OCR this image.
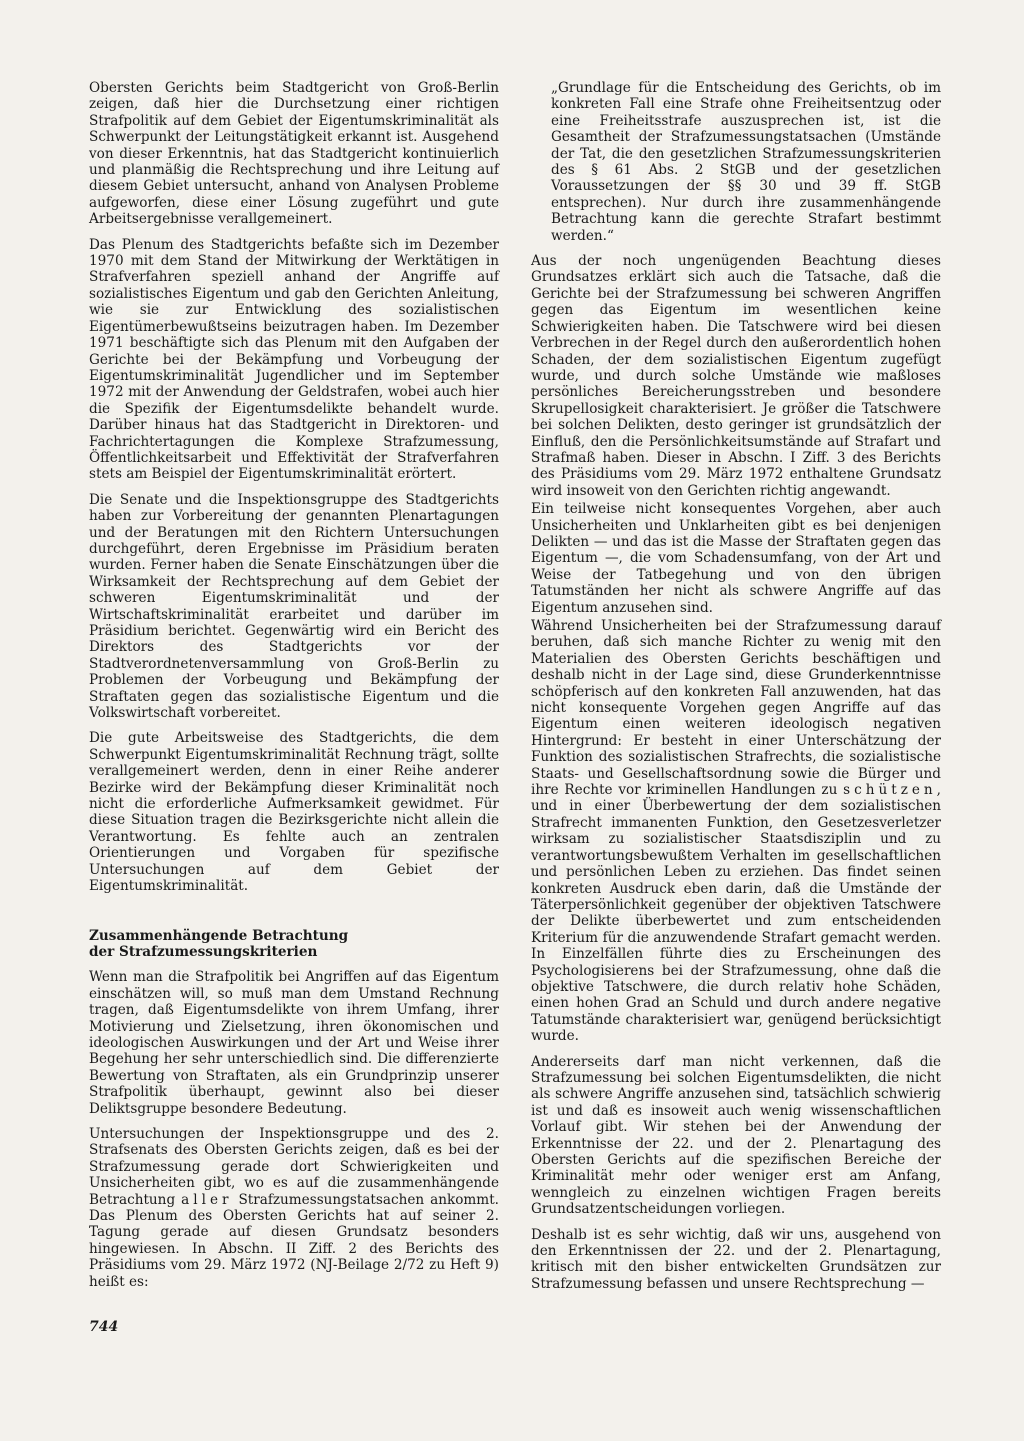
Obersten Gerichts beim Stadtgericht von Groß-Berlin zeigen, daß hier die Durchsetzung einer richtigen Strafpolitik auf dem Gebiet der Eigentumskriminalität als Schwerpunkt der Leitungstätigkeit erkannt ist. Ausgehend von dieser Erkenntnis, hat das Stadtgericht kontinuierlich und planmäßig die Rechtsprechung und ihre Leitung auf diesem Gebiet untersucht, anhand von Analysen Probleme aufgeworfen, diese einer Lösung zugeführt und gute Arbeitsergebnisse verallgemeinert.

Das Plenum des Stadtgerichts befaßte sich im Dezember 1970 mit dem Stand der Mitwirkung der Werktätigen in Strafverfahren speziell anhand der Angriffe auf sozialistisches Eigentum und gab den Gerichten Anleitung, wie sie zur Entwicklung des sozialistischen Eigentümerbewußtseins beizutragen haben. Im Dezember 1971 beschäftigte sich das Plenum mit den Aufgaben der Gerichte bei der Bekämpfung und Vorbeugung der Eigentumskriminalität Jugendlicher und im September 1972 mit der Anwendung der Geldstrafen, wobei auch hier die Spezifik der Eigentumsdelikte behandelt wurde. Darüber hinaus hat das Stadtgericht in Direktoren- und Fachrichtertagungen die Komplexe Strafzumessung, Öffentlichkeitsarbeit und Effektivität der Strafverfahren stets am Beispiel der Eigentumskriminalität erörtert.

Die Senate und die Inspektionsgruppe des Stadtgerichts haben zur Vorbereitung der genannten Plenartagungen und der Beratungen mit den Richtern Untersuchungen durchgeführt, deren Ergebnisse im Präsidium beraten wurden. Ferner haben die Senate Einschätzungen über die Wirksamkeit der Rechtsprechung auf dem Gebiet der schweren Eigentumskriminalität und der Wirtschaftskriminalität erarbeitet und darüber im Präsidium berichtet. Gegenwärtig wird ein Bericht des Direktors des Stadtgerichts vor der Stadtverordnetenversammlung von Groß-Berlin zu Problemen der Vorbeugung und Bekämpfung der Straftaten gegen das sozialistische Eigentum und die Volkswirtschaft vorbereitet.

Die gute Arbeitsweise des Stadtgerichts, die dem Schwerpunkt Eigentumskriminalität Rechnung trägt, sollte verallgemeinert werden, denn in einer Reihe anderer Bezirke wird der Bekämpfung dieser Kriminalität noch nicht die erforderliche Aufmerksamkeit gewidmet. Für diese Situation tragen die Bezirksgerichte nicht allein die Verantwortung. Es fehlte auch an zentralen Orientierungen und Vorgaben für spezifische Untersuchungen auf dem Gebiet der Eigentumskriminalität.

Zusammenhängende Betrachtung
der Strafzumessungskriterien

Wenn man die Strafpolitik bei Angriffen auf das Eigentum einschätzen will, so muß man dem Umstand Rechnung tragen, daß Eigentumsdelikte von ihrem Umfang, ihrer Motivierung und Zielsetzung, ihren ökonomischen und ideologischen Auswirkungen und der Art und Weise ihrer Begehung her sehr unterschiedlich sind. Die differenzierte Bewertung von Straftaten, als ein Grundprinzip unserer Strafpolitik überhaupt, gewinnt also bei dieser Deliktsgruppe besondere Bedeutung.

Untersuchungen der Inspektionsgruppe und des 2. Strafsenats des Obersten Gerichts zeigen, daß es bei der Strafzumessung gerade dort Schwierigkeiten und Unsicherheiten gibt, wo es auf die zusammenhängende Betrachtung aller Strafzumessungstatsachen ankommt. Das Plenum des Obersten Gerichts hat auf seiner 2. Tagung gerade auf diesen Grundsatz besonders hingewiesen. In Abschn. II Ziff. 2 des Berichts des Präsidiums vom 29. März 1972 (NJ-Beilage 2/72 zu Heft 9) heißt es:

„Grundlage für die Entscheidung des Gerichts, ob im konkreten Fall eine Strafe ohne Freiheitsentzug oder eine Freiheitsstrafe auszusprechen ist, ist die Gesamtheit der Strafzumessungstatsachen (Umstände der Tat, die den gesetzlichen Strafzumessungskriterien des § 61 Abs. 2 StGB und der gesetzlichen Voraussetzungen der §§ 30 und 39 ff. StGB entsprechen). Nur durch ihre zusammenhängende Betrachtung kann die gerechte Strafart bestimmt werden.“

Aus der noch ungenügenden Beachtung dieses Grundsatzes erklärt sich auch die Tatsache, daß die Gerichte bei der Strafzumessung bei schweren Angriffen gegen das Eigentum im wesentlichen keine Schwierigkeiten haben. Die Tatschwere wird bei diesen Verbrechen in der Regel durch den außerordentlich hohen Schaden, der dem sozialistischen Eigentum zugefügt wurde, und durch solche Umstände wie maßloses persönliches Bereicherungsstreben und besondere Skrupellosigkeit charakterisiert. Je größer die Tatschwere bei solchen Delikten, desto geringer ist grundsätzlich der Einfluß, den die Persönlichkeitsumstände auf Strafart und Strafmaß haben. Dieser in Abschn. I Ziff. 3 des Berichts des Präsidiums vom 29. März 1972 enthaltene Grundsatz wird insoweit von den Gerichten richtig angewandt.

Ein teilweise nicht konsequentes Vorgehen, aber auch Unsicherheiten und Unklarheiten gibt es bei denjenigen Delikten — und das ist die Masse der Straftaten gegen das Eigentum —, die vom Schadensumfang, von der Art und Weise der Tatbegehung und von den übrigen Tatumständen her nicht als schwere Angriffe auf das Eigentum anzusehen sind.

Während Unsicherheiten bei der Strafzumessung darauf beruhen, daß sich manche Richter zu wenig mit den Materialien des Obersten Gerichts beschäftigen und deshalb nicht in der Lage sind, diese Grunderkenntnisse schöpferisch auf den konkreten Fall anzuwenden, hat das nicht konsequente Vorgehen gegen Angriffe auf das Eigentum einen weiteren ideologisch negativen Hintergrund: Er besteht in einer Unterschätzung der Funktion des sozialistischen Strafrechts, die sozialistische Staats- und Gesellschaftsordnung sowie die Bürger und ihre Rechte vor kriminellen Handlungen zu schützen, und in einer Überbewertung der dem sozialistischen Strafrecht immanenten Funktion, den Gesetzesverletzer wirksam zu sozialistischer Staatsdisziplin und zu verantwortungsbewußtem Verhalten im gesellschaftlichen und persönlichen Leben zu erziehen. Das findet seinen konkreten Ausdruck eben darin, daß die Umstände der Täterpersönlichkeit gegenüber der objektiven Tatschwere der Delikte überbewertet und zum entscheidenden Kriterium für die anzuwendende Strafart gemacht werden. In Einzelfällen führte dies zu Erscheinungen des Psychologisierens bei der Strafzumessung, ohne daß die objektive Tatschwere, die durch relativ hohe Schäden, einen hohen Grad an Schuld und durch andere negative Tatumstände charakterisiert war, genügend berücksichtigt wurde.

Andererseits darf man nicht verkennen, daß die Strafzumessung bei solchen Eigentumsdelikten, die nicht als schwere Angriffe anzusehen sind, tatsächlich schwierig ist und daß es insoweit auch wenig wissenschaftlichen Vorlauf gibt. Wir stehen bei der Anwendung der Erkenntnisse der 22. und der 2. Plenartagung des Obersten Gerichts auf die spezifischen Bereiche der Kriminalität mehr oder weniger erst am Anfang, wenngleich zu einzelnen wichtigen Fragen bereits Grundsatzentscheidungen vorliegen.

Deshalb ist es sehr wichtig, daß wir uns, ausgehend von den Erkenntnissen der 22. und der 2. Plenartagung, kritisch mit den bisher entwickelten Grundsätzen zur Strafzumessung befassen und unsere Rechtsprechung —

744
